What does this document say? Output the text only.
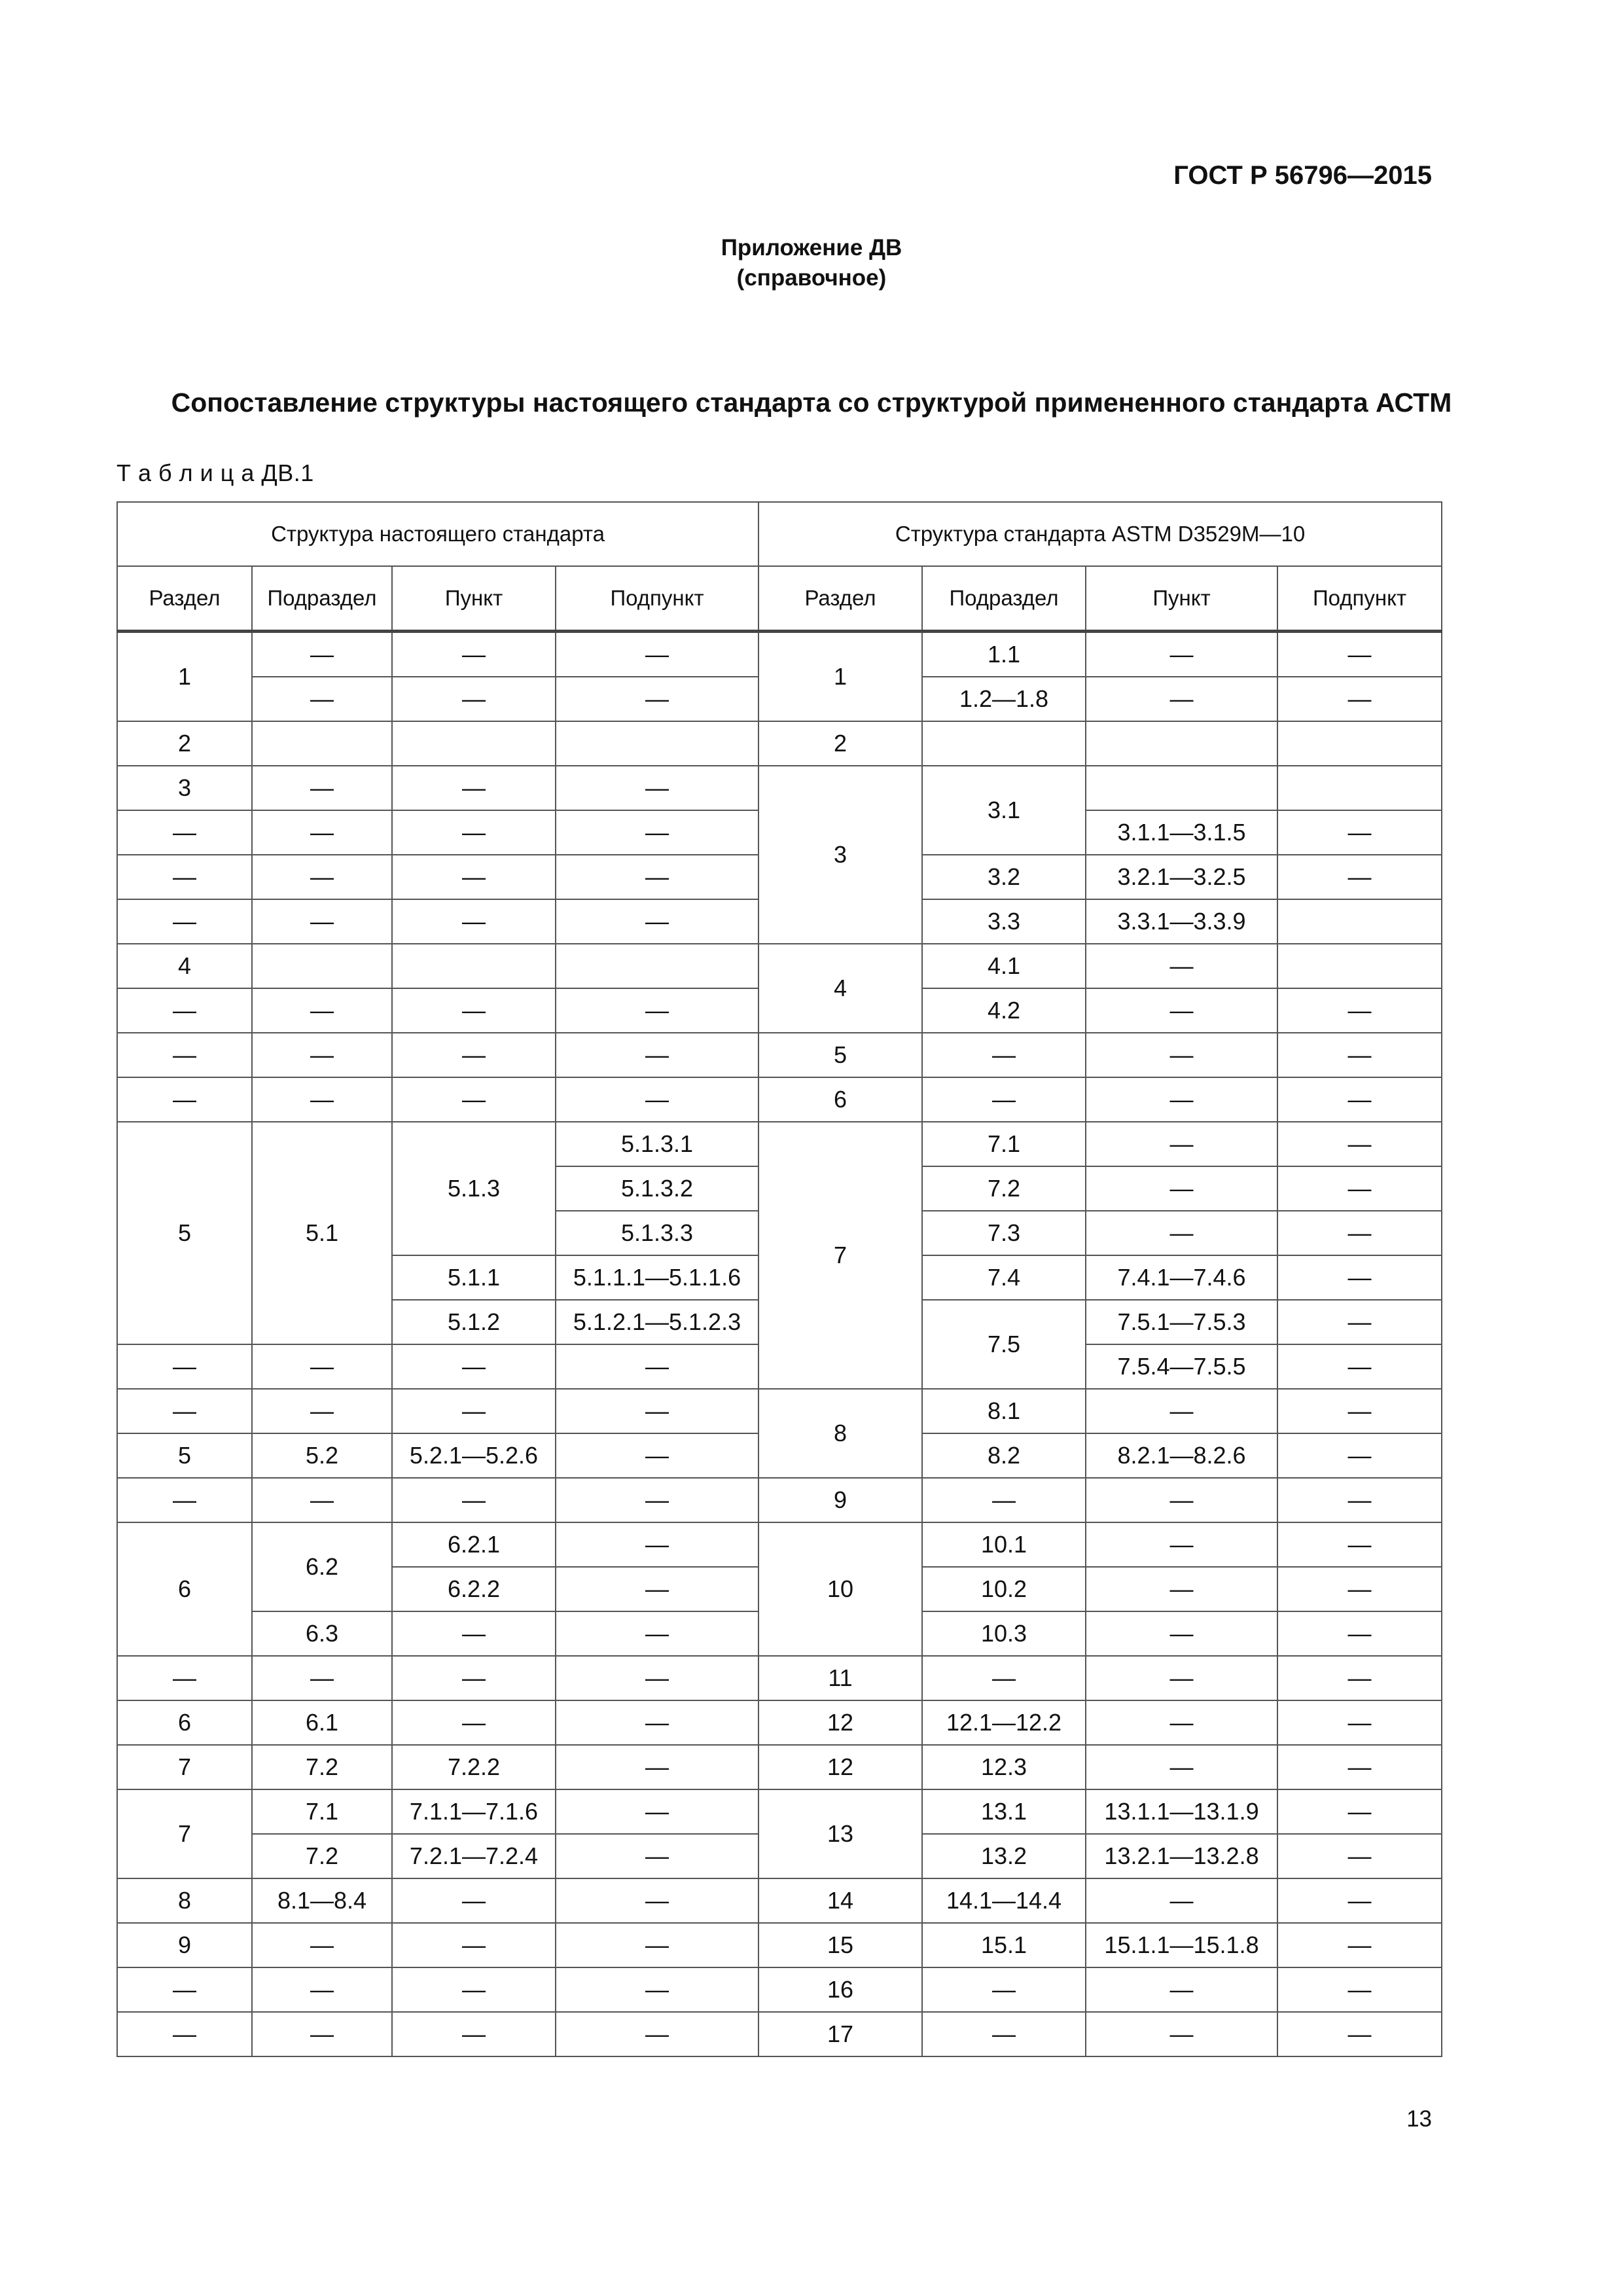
ГОСТ Р 56796—2015
Приложение ДВ
(справочное)
Сопоставление структуры настоящего стандарта со структурой примененного стандарта АСТМ
Т а б л и ц а ДВ.1
Структура настоящего стандарта				Структура стандарта ASTM D3529M—10			
Раздел	Подраздел	Пункт	Подпункт	Раздел	Подраздел	Пункт	Подпункт
1	—	—	—	1	1.1	—	—
	—	—	—		1.2—1.8	—	—
2				2			
3	—	—	—	3	3.1		
—	—	—	—			3.1.1—3.1.5	—
—	—	—	—		3.2	3.2.1—3.2.5	—
—	—	—	—		3.3	3.3.1—3.3.9	
4				4	4.1	—	
—	—	—	—		4.2	—	—
—	—	—	—	5	—	—	—
—	—	—	—	6	—	—	—
5	5.1	5.1.3	5.1.3.1	7	7.1	—	—
			5.1.3.2		7.2	—	—
			5.1.3.3		7.3	—	—
		5.1.1	5.1.1.1—5.1.1.6		7.4	7.4.1—7.4.6	—
		5.1.2	5.1.2.1—5.1.2.3		7.5	7.5.1—7.5.3	—
—	—	—	—			7.5.4—7.5.5	—
—	—	—	—	8	8.1	—	—
5	5.2	5.2.1—5.2.6	—		8.2	8.2.1—8.2.6	—
—	—	—	—	9	—	—	—
6	6.2	6.2.1	—	10	10.1	—	—
		6.2.2	—		10.2	—	—
	6.3	—	—		10.3	—	—
—	—	—	—	11	—	—	—
6	6.1	—	—	12	12.1—12.2	—	—
7	7.2	7.2.2	—	12	12.3	—	—
7	7.1	7.1.1—7.1.6	—	13	13.1	13.1.1—13.1.9	—
	7.2	7.2.1—7.2.4	—		13.2	13.2.1—13.2.8	—
8	8.1—8.4	—	—	14	14.1—14.4	—	—
9	—	—	—	15	15.1	15.1.1—15.1.8	—
—	—	—	—	16	—	—	—
—	—	—	—	17	—	—	—
13
